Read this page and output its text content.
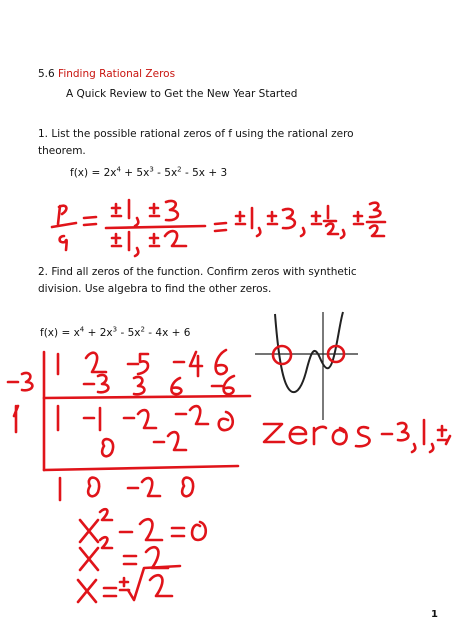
5.6 Finding Rational Zeros
A Quick Review to Get the New Year Started
1. List the possible rational zeros of f using the rational zero
theorem.
$f(x) = 2x^4 + 5x^3 - 5x^2 - 5x + 3$
2. Find all zeros of the function. Confirm zeros with synthetic
division. Use algebra to find the other zeros.
$f(x) = x^4 + 2x^3 - 5x^2 - 4x + 6$
1
